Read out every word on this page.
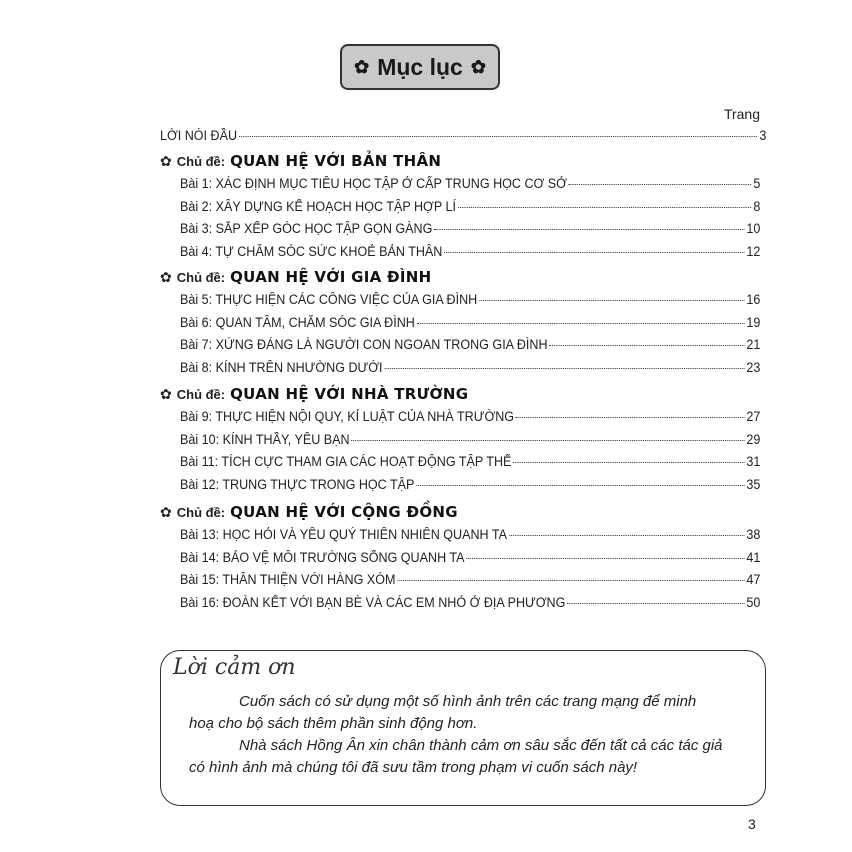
✿ Mục lục ✿
Trang
LỜI NÓI ĐẦU	3
✿ Chủ đề: QUAN HỆ VỚI BẢN THÂN
Bài 1: XÁC ĐỊNH MỤC TIÊU HỌC TẬP Ở CẤP TRUNG HỌC CƠ SỞ	5
Bài 2: XÂY DỰNG KẾ HOẠCH HỌC TẬP HỢP LÍ	8
Bài 3: SẮP XẾP GÓC HỌC TẬP GỌN GÀNG	10
Bài 4: TỰ CHĂM SÓC SỨC KHOẺ BẢN THÂN	12
✿ Chủ đề: QUAN HỆ VỚI GIA ĐÌNH
Bài 5: THỰC HIỆN CÁC CÔNG VIỆC CỦA GIA ĐÌNH	16
Bài 6: QUAN TÂM, CHĂM SÓC GIA ĐÌNH	19
Bài 7: XỨNG ĐÁNG LÀ NGƯỜI CON NGOAN TRONG GIA ĐÌNH	21
Bài 8: KÍNH TRÊN NHƯỜNG DƯỚI	23
✿ Chủ đề: QUAN HỆ VỚI NHÀ TRƯỜNG
Bài 9: THỰC HIỆN NỘI QUY, KỈ LUẬT CỦA NHÀ TRƯỜNG	27
Bài 10: KÍNH THẦY, YÊU BẠN	29
Bài 11: TÍCH CỰC THAM GIA CÁC HOẠT ĐỘNG TẬP THỂ	31
Bài 12: TRUNG THỰC TRONG HỌC TẬP	35
✿ Chủ đề: QUAN HỆ VỚI CỘNG ĐỒNG
Bài 13: HỌC HỎI VÀ YÊU QUÝ THIÊN NHIÊN QUANH TA	38
Bài 14: BẢO VỆ MÔI TRƯỜNG SỐNG QUANH TA	41
Bài 15: THÂN THIỆN VỚI HÀNG XÓM	47
Bài 16: ĐOÀN KẾT VỚI BẠN BÈ VÀ CÁC EM NHỎ Ở ĐỊA PHƯƠNG	50
Lời cảm ơn

Cuốn sách có sử dụng một số hình ảnh trên các trang mạng để minh hoạ cho bộ sách thêm phần sinh động hơn.

Nhà sách Hồng Ân xin chân thành cảm ơn sâu sắc đến tất cả các tác giả có hình ảnh mà chúng tôi đã sưu tầm trong phạm vi cuốn sách này!

3
